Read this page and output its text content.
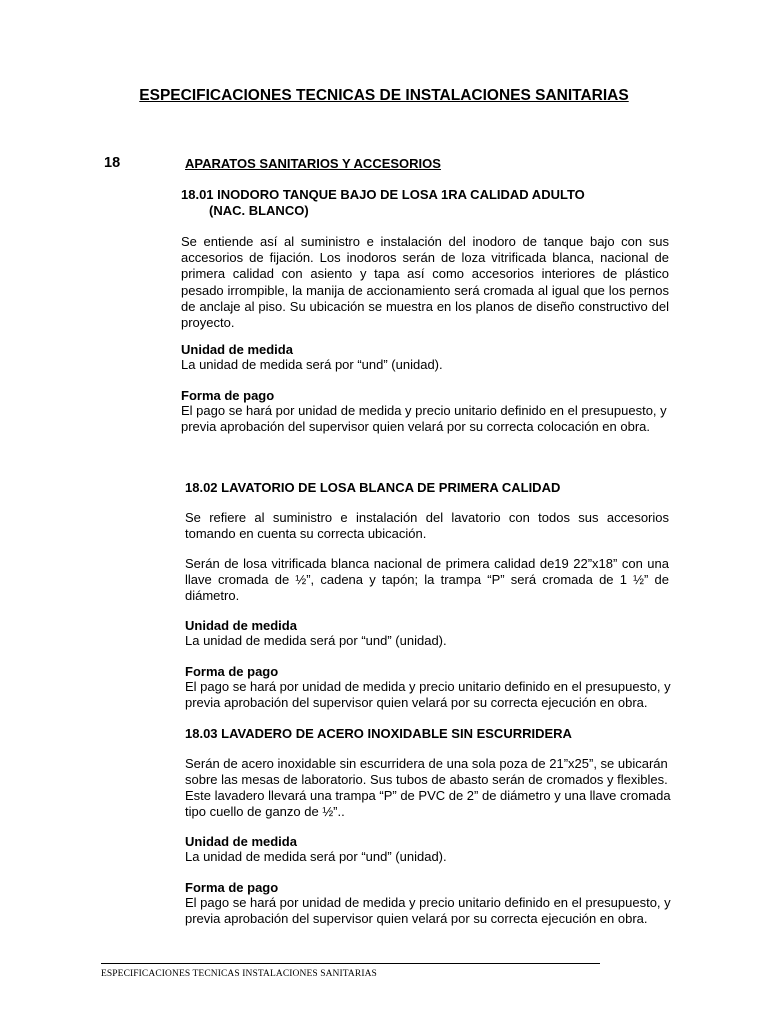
ESPECIFICACIONES TECNICAS DE INSTALACIONES SANITARIAS
18	APARATOS SANITARIOS Y ACCESORIOS
18.01 INODORO TANQUE BAJO DE LOSA 1RA CALIDAD ADULTO
(NAC. BLANCO)

Se entiende así al suministro e instalación del inodoro de tanque bajo con sus accesorios de fijación. Los inodoros serán de loza vitrificada blanca, nacional de primera calidad con asiento y tapa así como accesorios interiores de plástico pesado irrompible, la manija de accionamiento será cromada al igual que los pernos de anclaje al piso. Su ubicación se muestra en los planos de diseño constructivo del proyecto.

Unidad de medida
La unidad de medida será por “und” (unidad).
Forma de pago
El pago se hará por unidad de medida y precio unitario definido en el presupuesto, y
previa aprobación del supervisor quien velará por su correcta colocación en obra.
18.02 LAVATORIO DE LOSA BLANCA DE PRIMERA CALIDAD

Se refiere al suministro e instalación del lavatorio con todos sus accesorios tomando en cuenta su correcta ubicación.

Serán de losa vitrificada blanca nacional de primera calidad de19 22”x18” con una llave cromada de ½”, cadena y tapón; la trampa “P” será cromada de 1 ½” de diámetro.

Unidad de medida
La unidad de medida será por “und” (unidad).
Forma de pago
El pago se hará por unidad de medida y precio unitario definido en el presupuesto, y
previa aprobación del supervisor quien velará por su correcta ejecución en obra.
18.03 LAVADERO DE ACERO INOXIDABLE SIN ESCURRIDERA
Serán de acero inoxidable sin escurridera de una sola poza de 21”x25”, se ubicarán
sobre las mesas de laboratorio. Sus tubos de abasto serán de cromados y flexibles.
Este lavadero llevará una trampa “P” de PVC de 2” de diámetro y una llave cromada
tipo cuello de ganzo de ½”..
Unidad de medida
La unidad de medida será por “und” (unidad).
Forma de pago
El pago se hará por unidad de medida y precio unitario definido en el presupuesto, y
previa aprobación del supervisor quien velará por su correcta ejecución en obra.
ESPECIFICACIONES TECNICAS INSTALACIONES SANITARIAS
